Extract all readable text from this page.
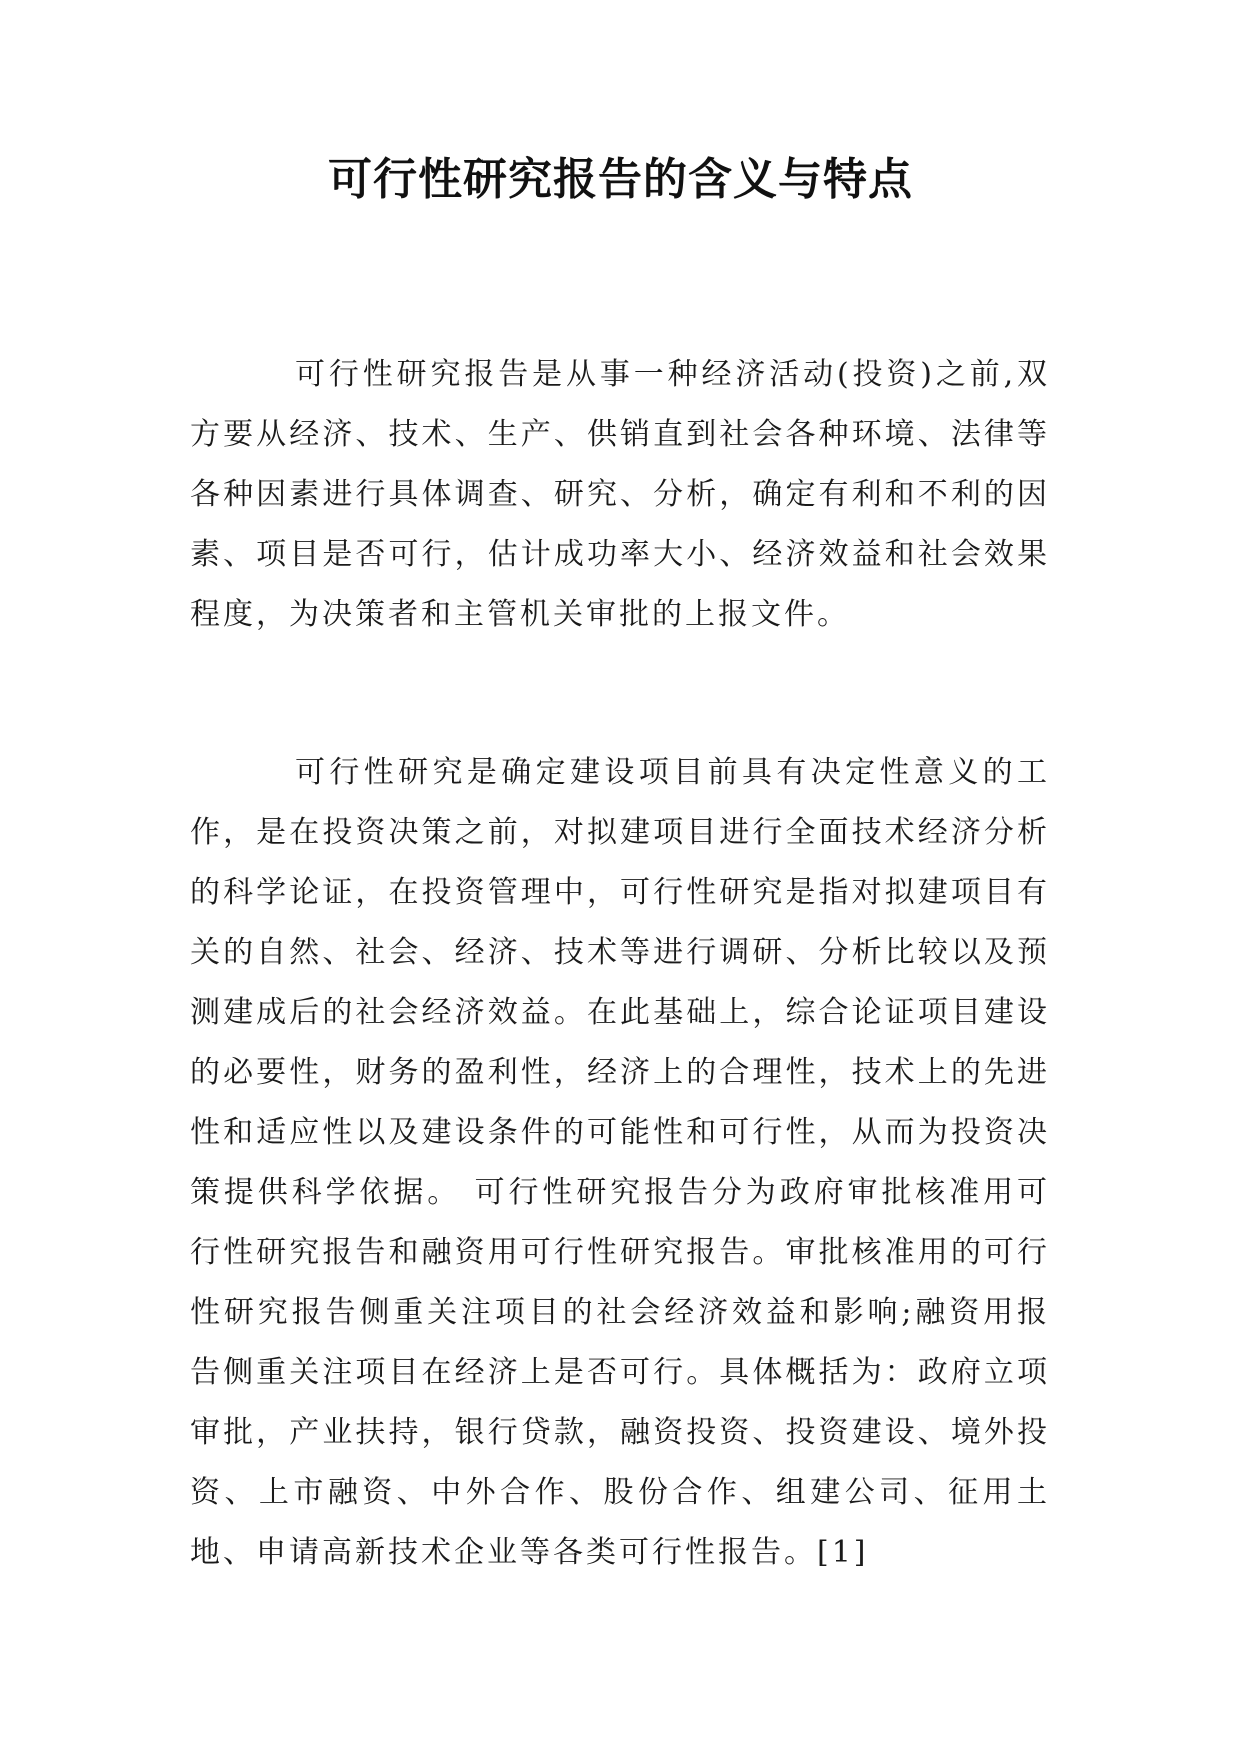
可行性研究报告的含义与特点

可行性研究报告是从事一种经济活动(投资)之前,双方要从经济、技术、生产、供销直到社会各种环境、法律等各种因素进行具体调查、研究、分析，确定有利和不利的因素、项目是否可行，估计成功率大小、经济效益和社会效果程度，为决策者和主管机关审批的上报文件。

可行性研究是确定建设项目前具有决定性意义的工作，是在投资决策之前，对拟建项目进行全面技术经济分析的科学论证，在投资管理中，可行性研究是指对拟建项目有关的自然、社会、经济、技术等进行调研、分析比较以及预测建成后的社会经济效益。在此基础上，综合论证项目建设的必要性，财务的盈利性，经济上的合理性，技术上的先进性和适应性以及建设条件的可能性和可行性，从而为投资决策提供科学依据。 可行性研究报告分为政府审批核准用可行性研究报告和融资用可行性研究报告。审批核准用的可行性研究报告侧重关注项目的社会经济效益和影响;融资用报告侧重关注项目在经济上是否可行。具体概括为：政府立项审批，产业扶持，银行贷款，融资投资、投资建设、境外投资、上市融资、中外合作、股份合作、组建公司、征用土地、申请高新技术企业等各类可行性报告。[1]
